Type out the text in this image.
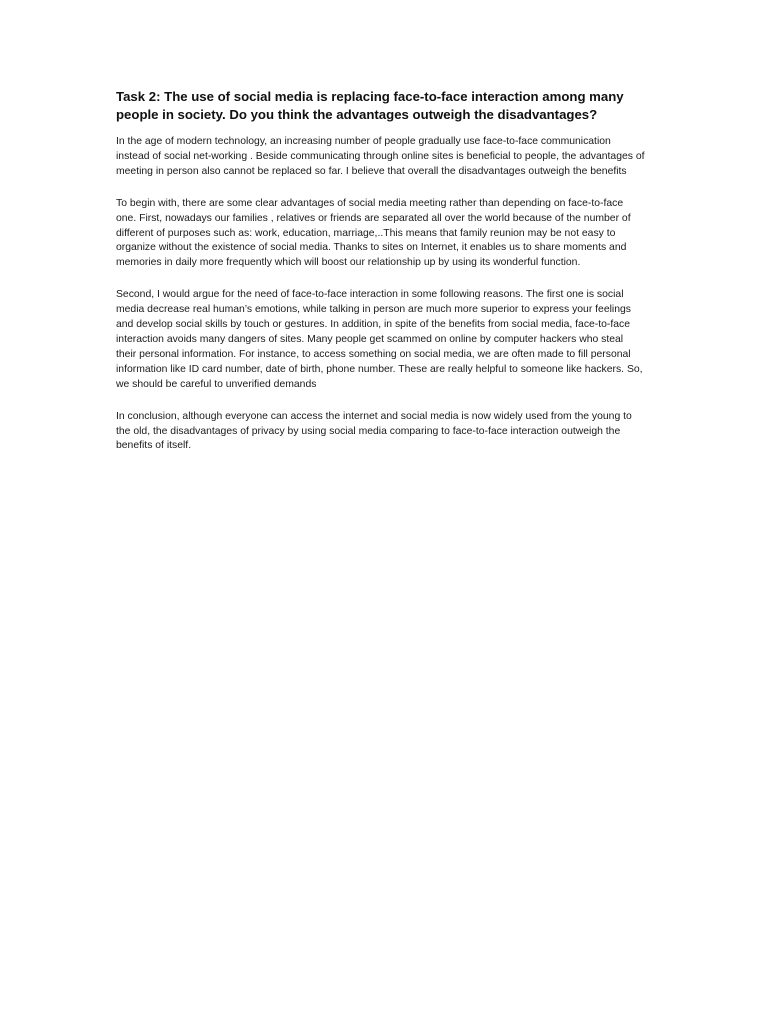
Task 2: The use of social media is replacing face-to-face interaction among many people in society. Do you think the advantages outweigh the disadvantages?

In the age of modern technology, an increasing number of people gradually use face-to-face communication instead of social net-working . Beside communicating through online sites is beneficial to people, the advantages of meeting in person also cannot be replaced so far. I believe that overall the disadvantages outweigh the benefits

To begin with, there are some clear advantages of social media meeting rather than depending on face-to-face one. First, nowadays our families , relatives or friends are separated all over the world because of the number of different of purposes such as: work, education, marriage,..This means that family reunion may be not easy to organize without the existence of social media. Thanks to sites on Internet, it enables us to share moments and memories in daily more frequently which will boost our relationship up by using its wonderful function.

Second, I would argue for the need of face-to-face interaction in some following reasons. The first one is social media decrease real human’s emotions, while talking in person are much more superior to express your feelings and develop social skills by touch or gestures. In addition, in spite of the benefits from social media, face-to-face interaction avoids many dangers of sites. Many people get scammed on online by computer hackers who steal their personal information. For instance, to access something on social media, we are often made to fill personal information like ID card number, date of birth, phone number. These are really helpful to someone like hackers. So, we should be careful to unverified demands

In conclusion, although everyone can access the internet and social media is now widely used from the young to the old, the disadvantages of privacy by using social media comparing to face-to-face interaction outweigh the benefits of itself.
